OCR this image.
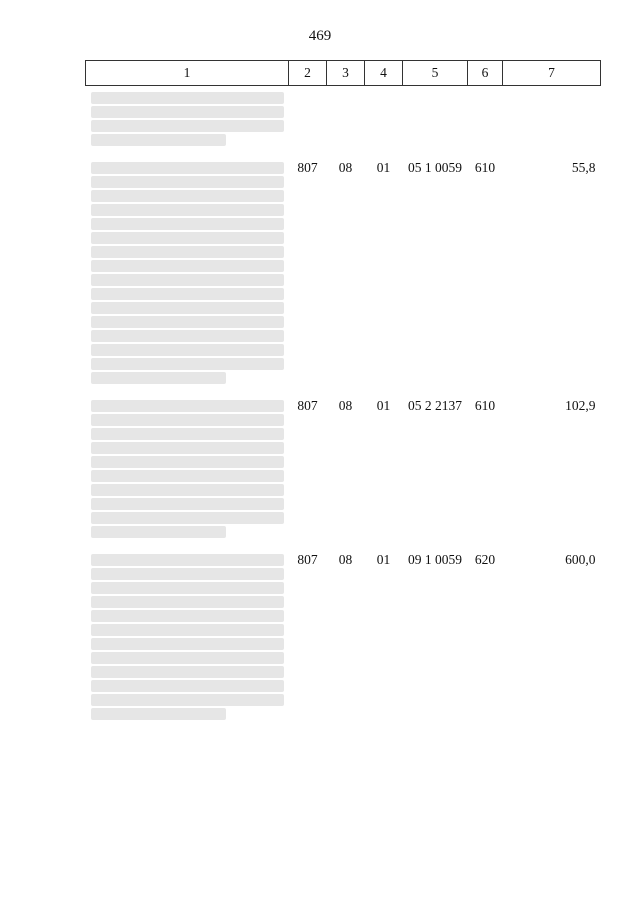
469
1	2	3	4	5	6	7

	807	08	01	05 1 0059	610	55,8

	807	08	01	05 2 2137	610	102,9

	807	08	01	09 1 0059	620	600,0
